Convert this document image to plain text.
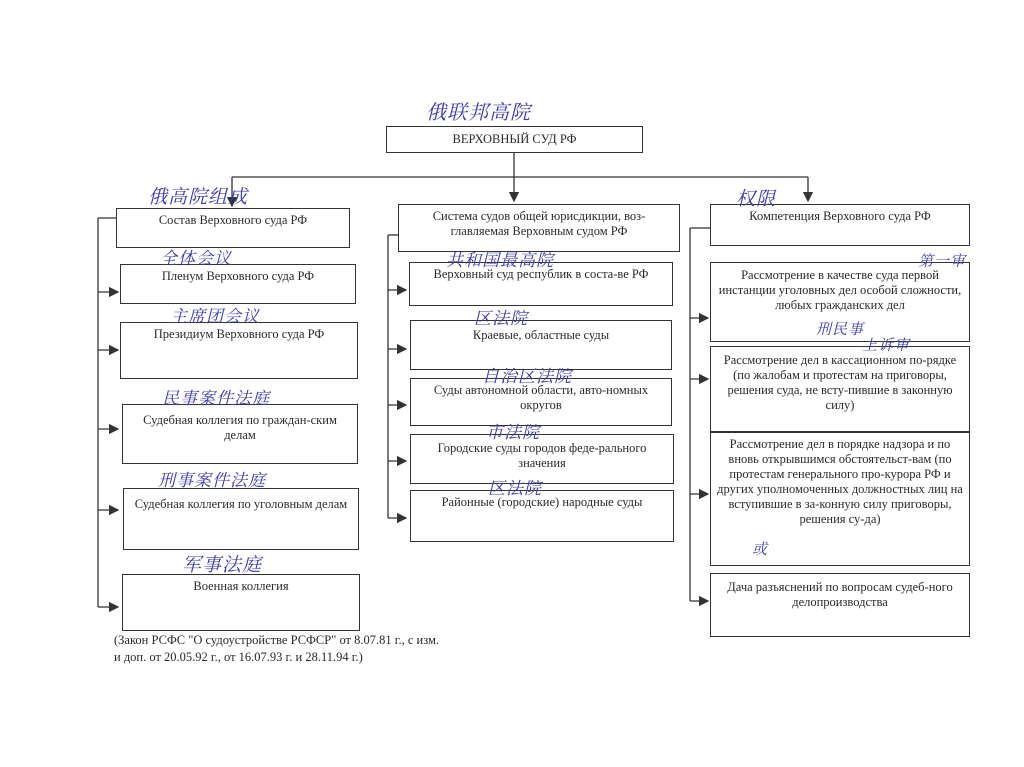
ВЕРХОВНЫЙ СУД РФ
Состав Верховного суда РФ
Пленум Верховного суда РФ
Президиум Верховного суда РФ
Судебная коллегия по граждан-ским делам
Судебная коллегия по уголовным делам
Военная коллегия
Система судов общей юрисдикции, воз-главляемая Верховным судом РФ
Верховный суд республик в соста-ве РФ
Краевые, областные суды
Суды автономной области, авто-номных округов
Городские суды городов феде-рального значения
Районные (городские) народные суды
Компетенция Верховного суда РФ
Рассмотрение в качестве суда первой инстанции уголовных дел особой сложности, любых гражданских дел
Рассмотрение дел в кассационном по-рядке (по жалобам и протестам на приговоры, решения суда, не всту-пившие в законную силу)
Рассмотрение дел в порядке надзора и по вновь открывшимся обстоятельст-вам (по протестам генерального про-курора РФ и других уполномоченных должностных лиц на вступившие в за-конную силу приговоры, решения су-да)
Дача разъяснений по вопросам судеб-ного делопроизводства
(Закон РСФС "О судоустройстве РСФСР" от 8.07.81 г., с изм.
и доп. от 20.05.92 г., от 16.07.93 г. и 28.11.94 г.)
俄联邦高院
俄高院组成
全体会议
主席团会议
民事案件法庭
刑事案件法庭
军事法庭
共和国最高院
区法院
自治区法院
市法院
区法院
权限
第一审
刑民事
上诉审
或
